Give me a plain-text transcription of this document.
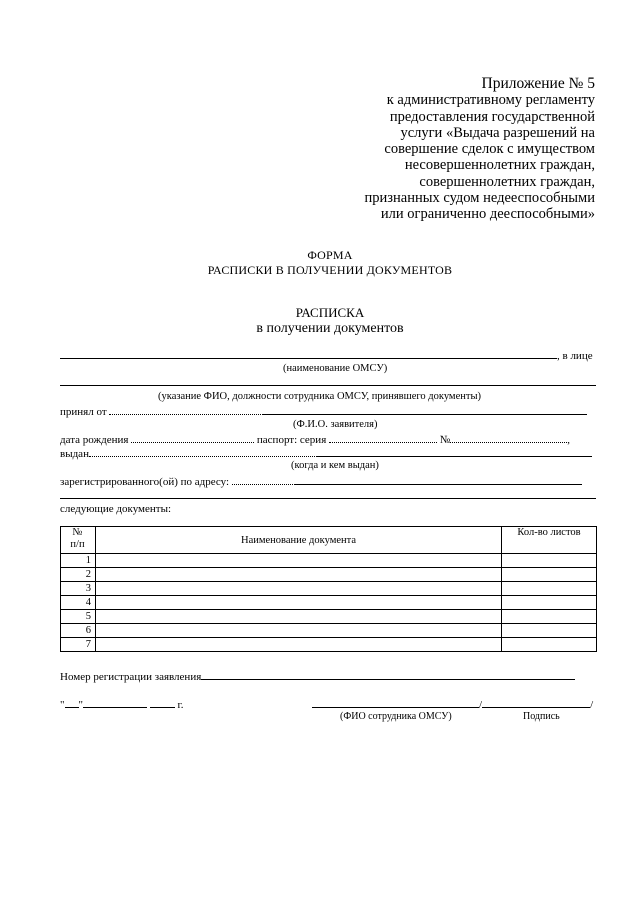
Приложение № 5
к административному регламенту
предоставления государственной
услуги «Выдача разрешений на
совершение сделок с имуществом
несовершеннолетних граждан,
совершеннолетних граждан,
признанных судом недееспособными
или ограниченно дееспособными»
ФОРМА
РАСПИСКИ В ПОЛУЧЕНИИ ДОКУМЕНТОВ
РАСПИСКА
в получении документов
, в лице
(наименование ОМСУ)
(указание ФИО, должности сотрудника ОМСУ, принявшего документы)
принял от
(Ф.И.О. заявителя)
дата рождения	паспорт: серия	№	,
выдан
(когда и кем выдан)
зарегистрированного(ой) по адресу:
следующие документы:
№
п/п	Наименование документа	Кол-во листов
1		
2		
3		
4		
5		
6		
7		
Номер регистрации заявления
" "	г.	/	/
(ФИО сотрудника ОМСУ)	Подпись
